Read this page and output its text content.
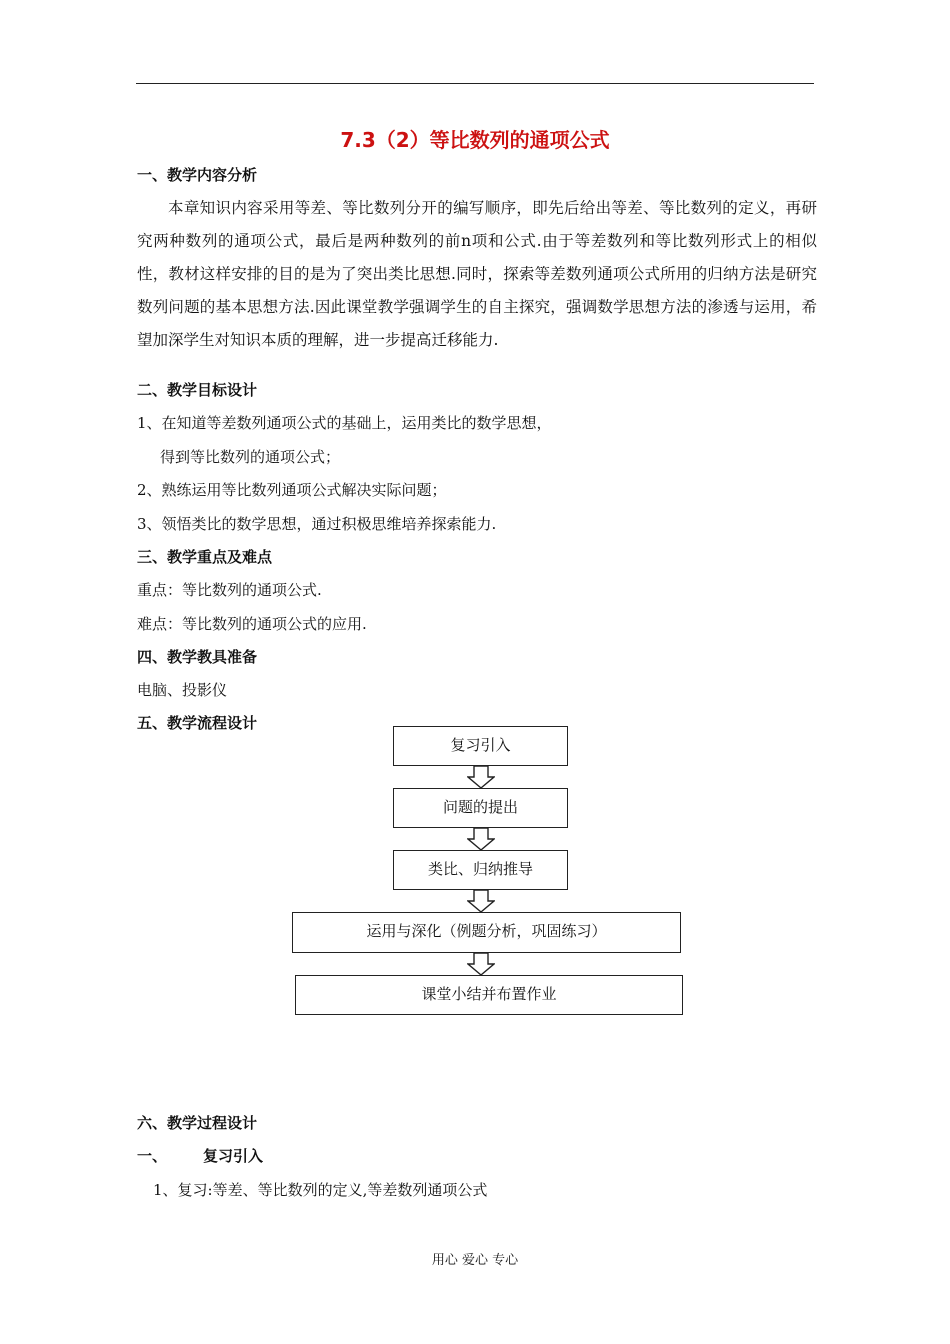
7.3（2）等比数列的通项公式
一、教学内容分析

本章知识内容采用等差、等比数列分开的编写顺序，即先后给出等差、等比数列的定义，再研究两种数列的通项公式，最后是两种数列的前n项和公式.由于等差数列和等比数列形式上的相似性，教材这样安排的目的是为了突出类比思想.同时，探索等差数列通项公式所用的归纳方法是研究数列问题的基本思想方法.因此课堂教学强调学生的自主探究，强调数学思想方法的渗透与运用，希望加深学生对知识本质的理解，进一步提高迁移能力.

二、教学目标设计
1、在知道等差数列通项公式的基础上，运用类比的数学思想，
得到等比数列的通项公式；
2、熟练运用等比数列通项公式解决实际问题；
3、领悟类比的数学思想，通过积极思维培养探索能力.
三、教学重点及难点
重点：等比数列的通项公式.
难点：等比数列的通项公式的应用.
四、教学教具准备
电脑、投影仪
五、教学流程设计
复习引入
问题的提出
类比、归纳推导
运用与深化（例题分析，巩固练习）
课堂小结并布置作业
六、教学过程设计
一、 复习引入
1、复习:等差、等比数列的定义,等差数列通项公式
用心 爱心 专心
